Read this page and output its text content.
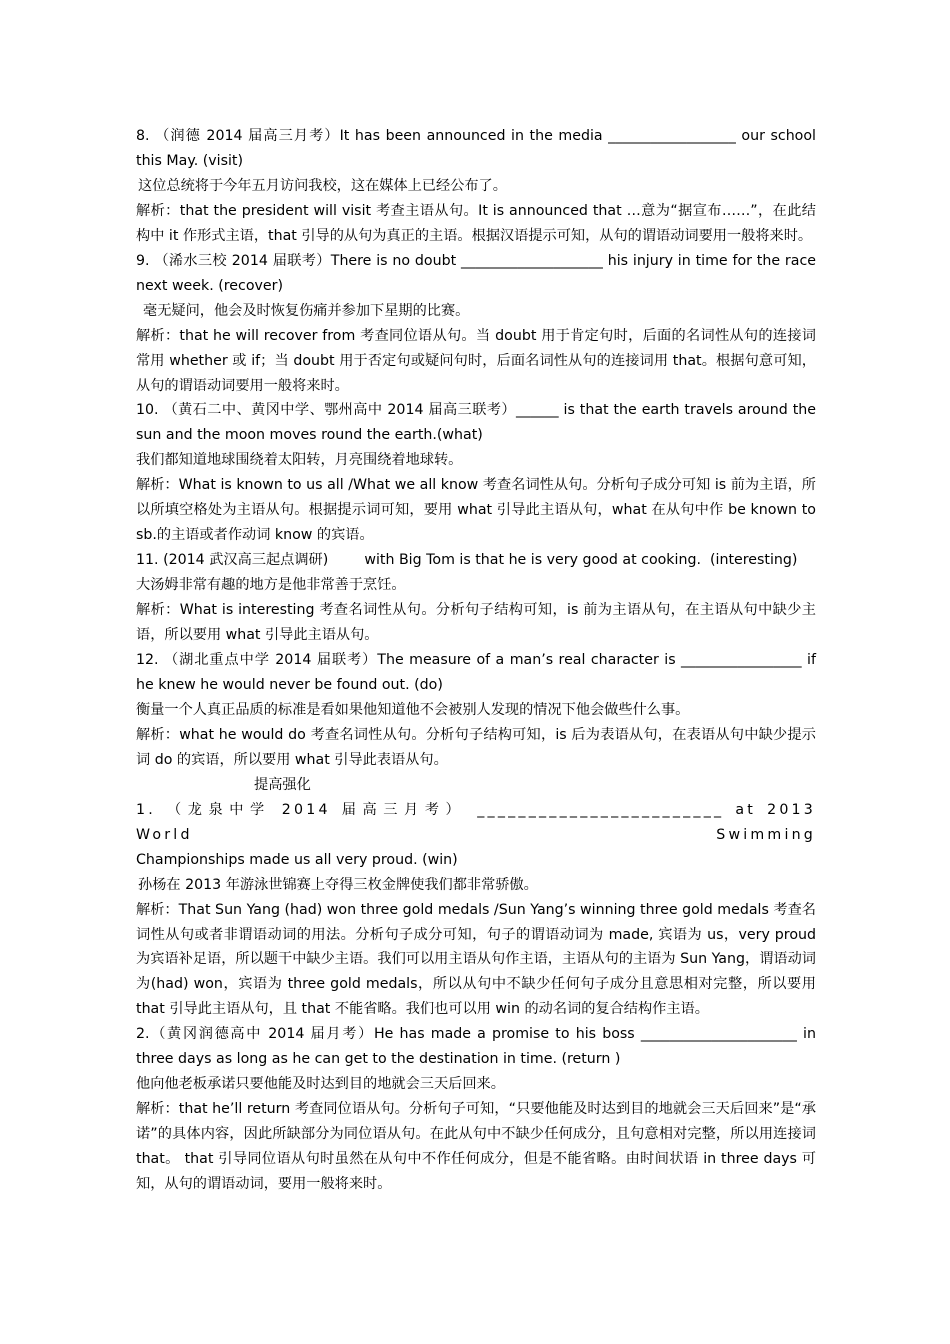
8. （润德 2014 届高三月考）It has been announced in the media __________________ our school this May. (visit)

这位总统将于今年五月访问我校，这在媒体上已经公布了。

解析：that the president will visit 考查主语从句。It is announced that …意为“据宣布……”，在此结构中 it 作形式主语，that 引导的从句为真正的主语。根据汉语提示可知，从句的谓语动词要用一般将来时。

9. （浠水三校 2014 届联考）There is no doubt ____________________ his injury in time for the race next week. (recover)

毫无疑问，他会及时恢复伤痛并参加下星期的比赛。

解析：that he will recover from 考查同位语从句。当 doubt 用于肯定句时，后面的名词性从句的连接词常用 whether 或 if；当 doubt 用于否定句或疑问句时，后面名词性从句的连接词用 that。根据句意可知，从句的谓语动词要用一般将来时。

10. （黄石二中、黄冈中学、鄂州高中 2014 届高三联考）______ is that the earth travels around the sun and the moon moves round the earth.(what)

我们都知道地球围绕着太阳转，月亮围绕着地球转。

解析：What is known to us all /What we all know 考查名词性从句。分析句子成分可知 is 前为主语，所以所填空格处为主语从句。根据提示词可知，要用 what 引导此主语从句，what 在从句中作 be known to sb.的主语或者作动词 know 的宾语。

11. (2014 武汉高三起点调研)        with Big Tom is that he is very good at cooking.  (interesting)

大汤姆非常有趣的地方是他非常善于烹饪。

解析：What is interesting 考查名词性从句。分析句子结构可知，is 前为主语从句，在主语从句中缺少主语，所以要用 what 引导此主语从句。

12. （湖北重点中学 2014 届联考）The measure of a man’s real character is _________________ if he knew he would never be found out. (do)

衡量一个人真正品质的标准是看如果他知道他不会被别人发现的情况下他会做些什么事。

解析：what he would do 考查名词性从句。分析句子结构可知，is 后为表语从句，在表语从句中缺少提示词 do 的宾语，所以要用 what 引导此表语从句。

提高强化

1. （龙泉中学 2014 届高三月考） ________________________ at 2013 World Swimming

Championships made us all very proud. (win)

孙杨在 2013 年游泳世锦赛上夺得三枚金牌使我们都非常骄傲。

解析：That Sun Yang (had) won three gold medals /Sun Yang’s winning three gold medals 考查名词性从句或者非谓语动词的用法。分析句子成分可知，句子的谓语动词为 made, 宾语为 us，very proud 为宾语补足语，所以题干中缺少主语。我们可以用主语从句作主语，主语从句的主语为 Sun Yang，谓语动词为(had) won，宾语为 three gold medals，所以从句中不缺少任何句子成分且意思相对完整，所以要用 that 引导此主语从句，且 that 不能省略。我们也可以用 win 的动名词的复合结构作主语。

2.（黄冈润德高中 2014 届月考）He has made a promise to his boss ______________________ in three days as long as he can get to the destination in time. (return )

他向他老板承诺只要他能及时达到目的地就会三天后回来。

解析：that he’ll return 考查同位语从句。分析句子可知，“只要他能及时达到目的地就会三天后回来”是“承诺”的具体内容，因此所缺部分为同位语从句。在此从句中不缺少任何成分，且句意相对完整，所以用连接词 that。 that 引导同位语从句时虽然在从句中不作任何成分，但是不能省略。由时间状语 in three days 可知，从句的谓语动词，要用一般将来时。
